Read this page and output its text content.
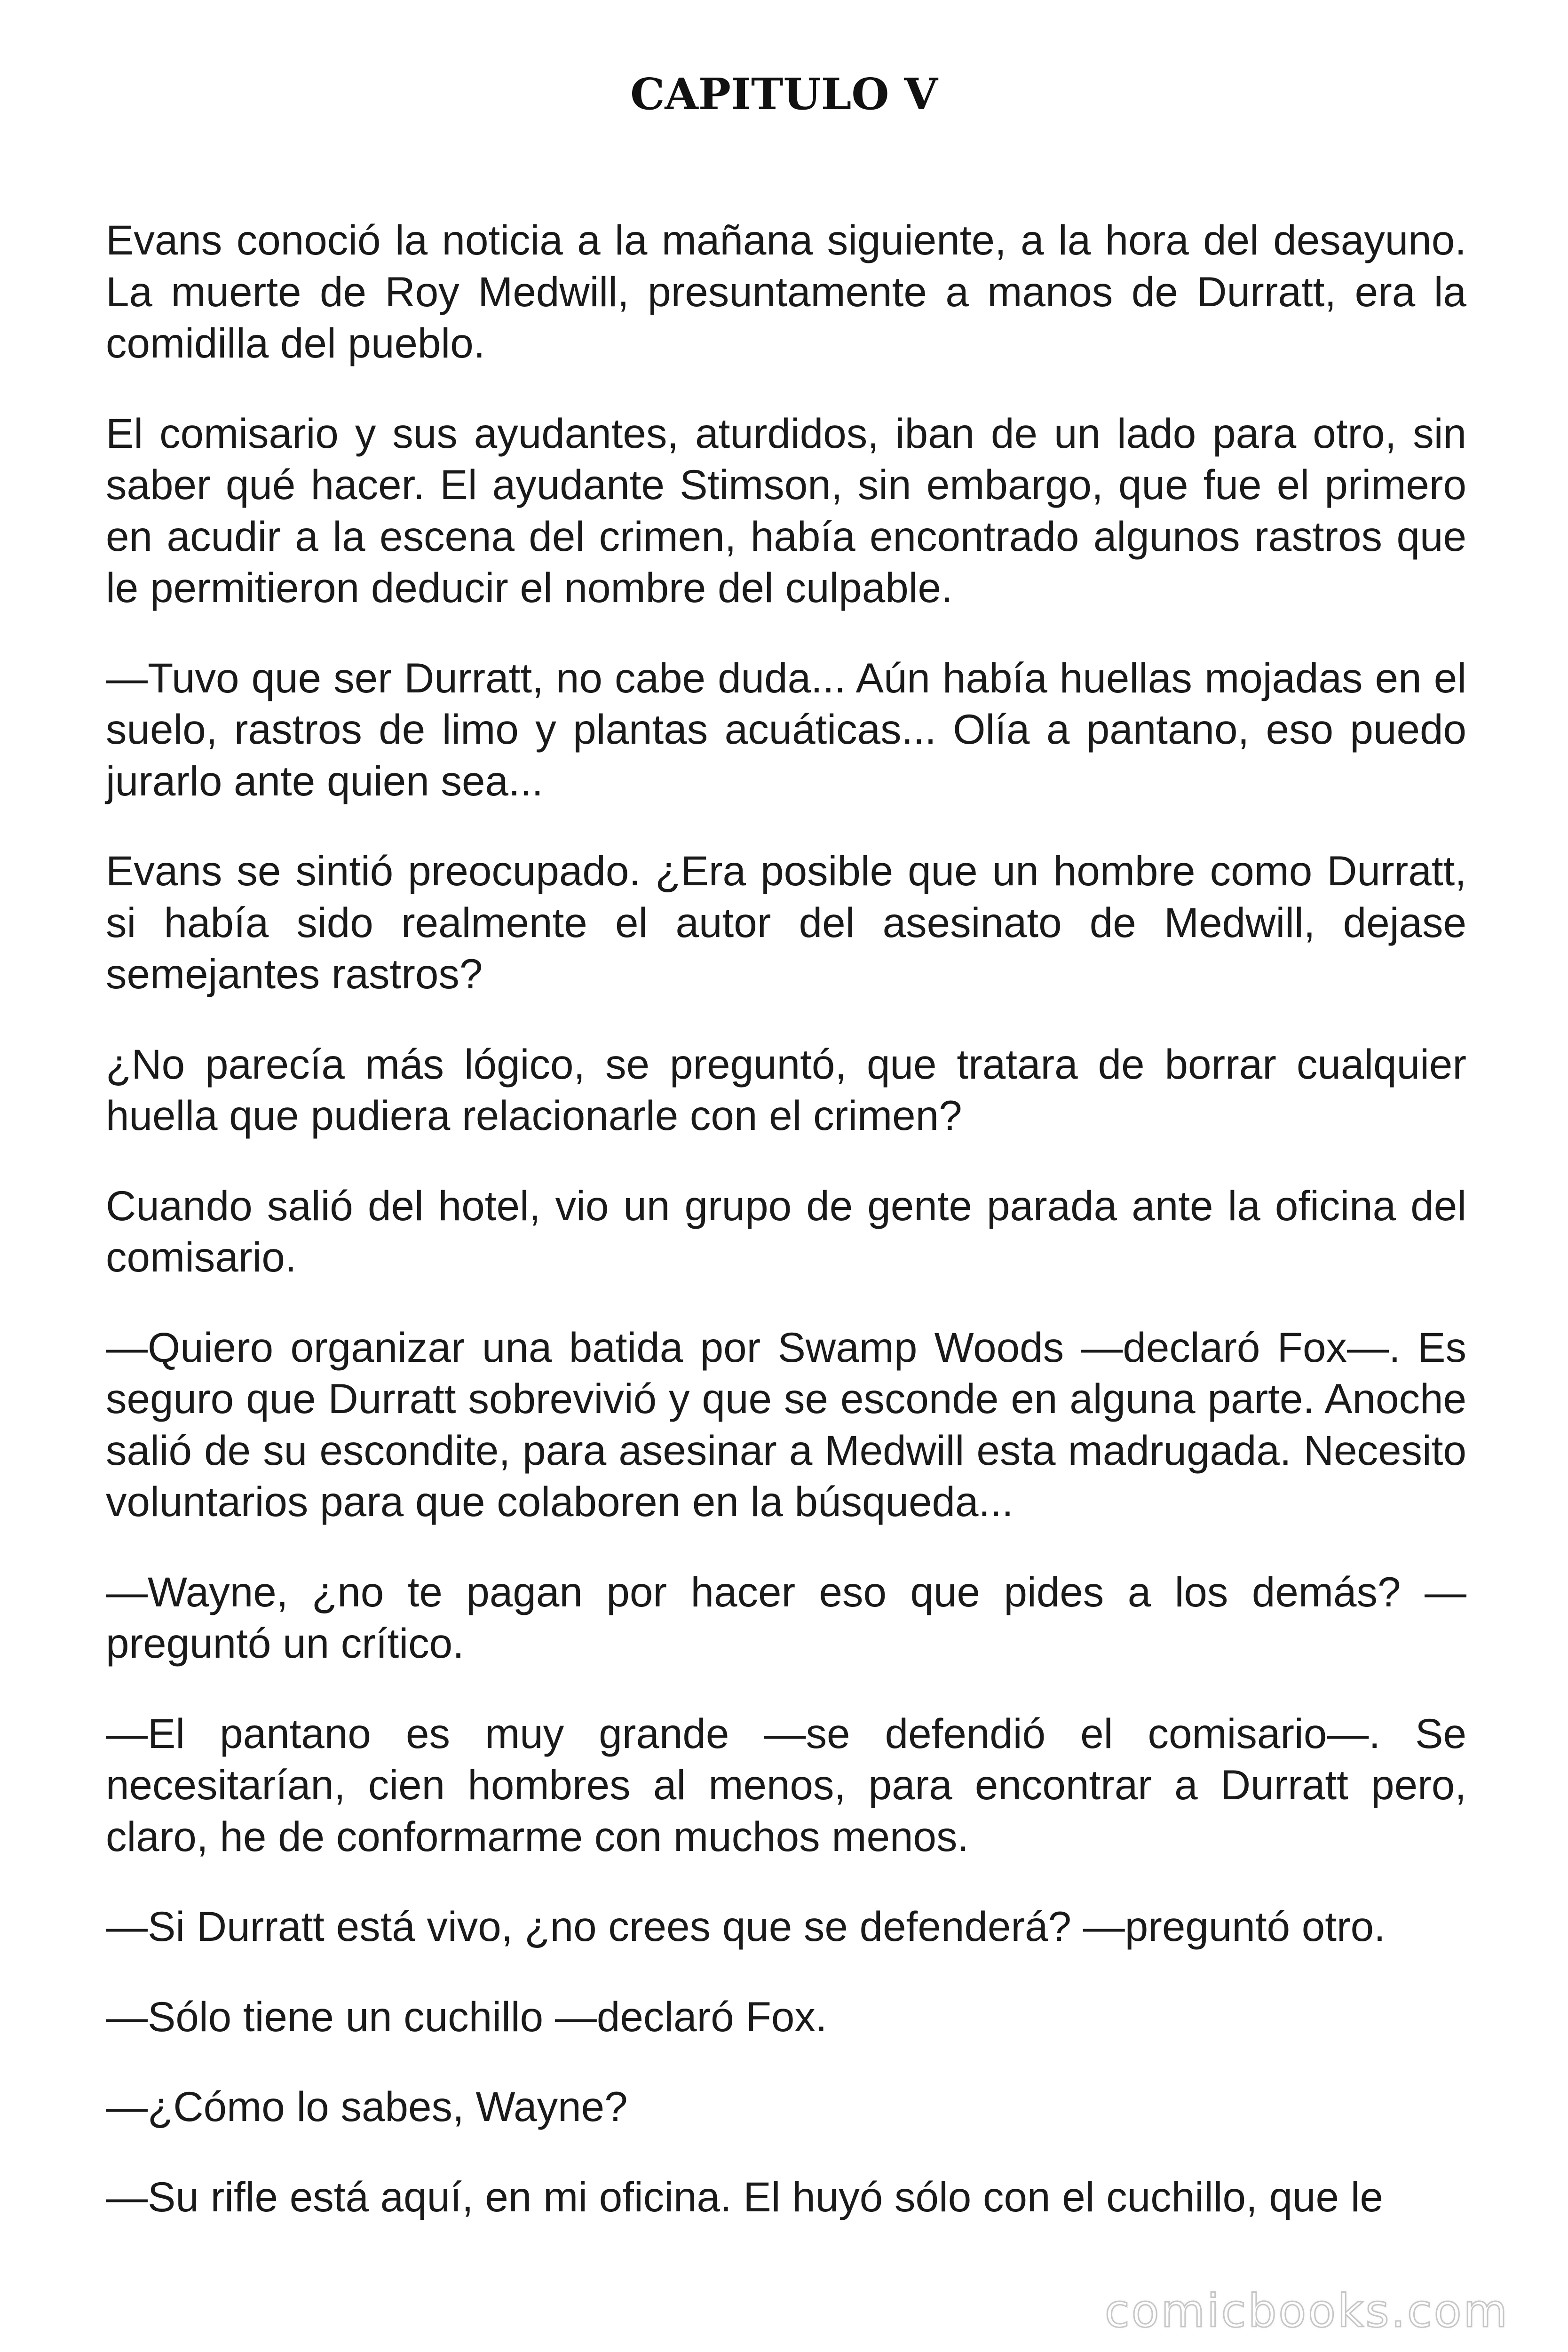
CAPITULO V

Evans conoció la noticia a la mañana siguiente, a la hora del desayuno. La muerte de Roy Medwill, presuntamente a manos de Durratt, era la comidilla del pueblo.

El comisario y sus ayudantes, aturdidos, iban de un lado para otro, sin saber qué hacer. El ayudante Stimson, sin embargo, que fue el primero en acudir a la escena del crimen, había encontrado algunos rastros que le permitieron deducir el nombre del culpable.

—Tuvo que ser Durratt, no cabe duda... Aún había huellas mojadas en el suelo, rastros de limo y plantas acuáticas... Olía a pantano, eso puedo jurarlo ante quien sea...

Evans se sintió preocupado. ¿Era posible que un hombre como Durratt, si había sido realmente el autor del asesinato de Medwill, dejase semejantes rastros?

¿No parecía más lógico, se preguntó, que tratara de borrar cualquier huella que pudiera relacionarle con el crimen?

Cuando salió del hotel, vio un grupo de gente parada ante la oficina del comisario.

—Quiero organizar una batida por Swamp Woods —declaró Fox—. Es seguro que Durratt sobrevivió y que se esconde en alguna parte. Anoche salió de su escondite, para asesinar a Medwill esta madrugada. Necesito voluntarios para que colaboren en la búsqueda...

—Wayne, ¿no te pagan por hacer eso que pides a los demás? —preguntó un crítico.

—El pantano es muy grande —se defendió el comisario—. Se necesitarían, cien hombres al menos, para encontrar a Durratt pero, claro, he de conformarme con muchos menos.

—Si Durratt está vivo, ¿no crees que se defenderá? —preguntó otro.

—Sólo tiene un cuchillo —declaró Fox.

—¿Cómo lo sabes, Wayne?

—Su rifle está aquí, en mi oficina. El huyó sólo con el cuchillo, que le

comicbooks.com
